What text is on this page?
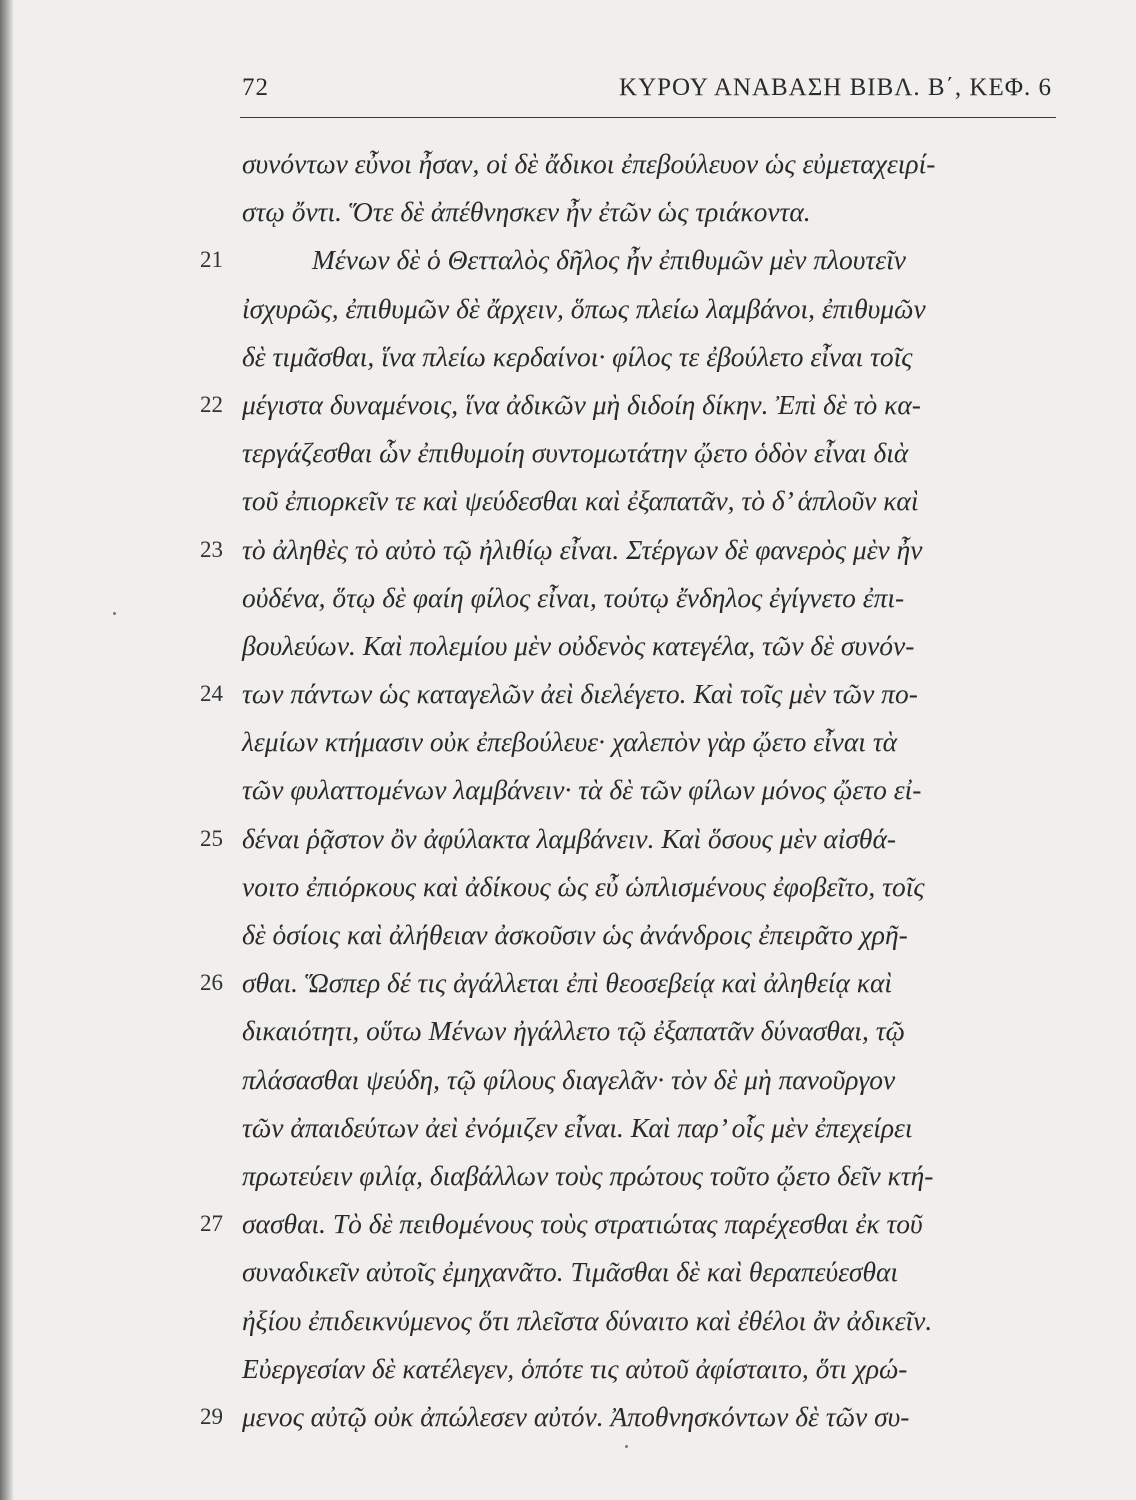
72	ΚΥΡΟΥ ΑΝΑΒΑΣΗ ΒΙΒΛ. Β΄, ΚΕΦ. 6
συνόντων εὖνοι ἦσαν, οἱ δὲ ἄδικοι ἐπεβούλευον ὡς εὐμεταχειρί-
στῳ ὄντι. Ὅτε δὲ ἀπέθνησκεν ἦν ἐτῶν ὡς τριάκοντα.
21	Μένων δὲ ὁ Θετταλὸς δῆλος ἦν ἐπιθυμῶν μὲν πλουτεῖν
ἰσχυρῶς, ἐπιθυμῶν δὲ ἄρχειν, ὅπως πλείω λαμβάνοι, ἐπιθυμῶν
δὲ τιμᾶσθαι, ἵνα πλείω κερδαίνοι· φίλος τε ἐβούλετο εἶναι τοῖς
22 μέγιστα δυναμένοις, ἵνα ἀδικῶν μὴ διδοίη δίκην. Ἐπὶ δὲ τὸ κα-
τεργάζεσθαι ὧν ἐπιθυμοίη συντομωτάτην ᾤετο ὁδὸν εἶναι διὰ
τοῦ ἐπιορκεῖν τε καὶ ψεύδεσθαι καὶ ἐξαπατᾶν, τὸ δ’ ἁπλοῦν καὶ
23 τὸ ἀληθὲς τὸ αὐτὸ τῷ ἠλιθίῳ εἶναι. Στέργων δὲ φανερὸς μὲν ἦν
οὐδένα, ὅτῳ δὲ φαίη φίλος εἶναι, τούτῳ ἔνδηλος ἐγίγνετο ἐπι-
βουλεύων. Καὶ πολεμίου μὲν οὐδενὸς κατεγέλα, τῶν δὲ συνόν-
24 των πάντων ὡς καταγελῶν ἀεὶ διελέγετο. Καὶ τοῖς μὲν τῶν πο-
λεμίων κτήμασιν οὐκ ἐπεβούλευε· χαλεπὸν γὰρ ᾤετο εἶναι τὰ
τῶν φυλαττομένων λαμβάνειν· τὰ δὲ τῶν φίλων μόνος ᾤετο εἰ-
25 δέναι ῥᾷστον ὂν ἀφύλακτα λαμβάνειν. Καὶ ὅσους μὲν αἰσθά-
νοιτο ἐπιόρκους καὶ ἀδίκους ὡς εὖ ὡπλισμένους ἐφοβεῖτο, τοῖς
δὲ ὁσίοις καὶ ἀλήθειαν ἀσκοῦσιν ὡς ἀνάνδροις ἐπειρᾶτο χρῆ-
26 σθαι. Ὥσπερ δέ τις ἀγάλλεται ἐπὶ θεοσεβείᾳ καὶ ἀληθείᾳ καὶ
δικαιότητι, οὕτω Μένων ἠγάλλετο τῷ ἐξαπατᾶν δύνασθαι, τῷ
πλάσασθαι ψεύδη, τῷ φίλους διαγελᾶν· τὸν δὲ μὴ πανοῦργον
τῶν ἀπαιδεύτων ἀεὶ ἐνόμιζεν εἶναι. Καὶ παρ’ οἷς μὲν ἐπεχείρει
πρωτεύειν φιλίᾳ, διαβάλλων τοὺς πρώτους τοῦτο ᾤετο δεῖν κτή-
27 σασθαι. Τὸ δὲ πειθομένους τοὺς στρατιώτας παρέχεσθαι ἐκ τοῦ
συναδικεῖν αὐτοῖς ἐμηχανᾶτο. Τιμᾶσθαι δὲ καὶ θεραπεύεσθαι
ἠξίου ἐπιδεικνύμενος ὅτι πλεῖστα δύναιτο καὶ ἐθέλοι ἂν ἀδικεῖν.
Εὐεργεσίαν δὲ κατέλεγεν, ὁπότε τις αὐτοῦ ἀφίσταιτο, ὅτι χρώ-
29 μενος αὐτῷ οὐκ ἀπώλεσεν αὐτόν. Ἀποθνησκόντων δὲ τῶν συ-
